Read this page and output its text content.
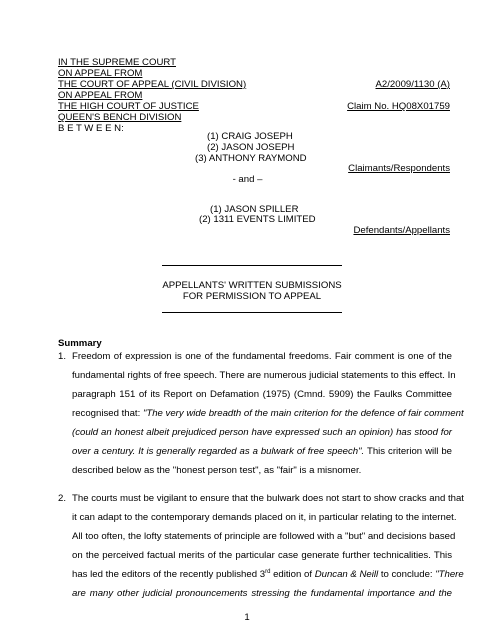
IN THE SUPREME COURT
ON APPEAL FROM
THE COURT OF APPEAL (CIVIL DIVISION)	A2/2009/1130 (A)
ON APPEAL FROM
THE HIGH COURT OF JUSTICE	Claim No. HQ08X01759
QUEEN'S BENCH DIVISION
B E T W E E N:
(1) CRAIG JOSEPH
(2) JASON JOSEPH
(3) ANTHONY RAYMOND
Claimants/Respondents
- and –
(1) JASON SPILLER
(2) 1311 EVENTS LIMITED
Defendants/Appellants
APPELLANTS' WRITTEN SUBMISSIONS
FOR PERMISSION TO APPEAL
Summary
1. Freedom of expression is one of the fundamental freedoms. Fair comment is one of the
fundamental rights of free speech. There are numerous judicial statements to this effect. In
paragraph 151 of its Report on Defamation (1975) (Cmnd. 5909) the Faulks Committee
recognised that: "The very wide breadth of the main criterion for the defence of fair comment
(could an honest albeit prejudiced person have expressed such an opinion) has stood for
over a century. It is generally regarded as a bulwark of free speech". This criterion will be
described below as the "honest person test", as "fair" is a misnomer.
2. The courts must be vigilant to ensure that the bulwark does not start to show cracks and that
it can adapt to the contemporary demands placed on it, in particular relating to the internet.
All too often, the lofty statements of principle are followed with a "but" and decisions based
on the perceived factual merits of the particular case generate further technicalities. This
has led the editors of the recently published 3rd edition of Duncan & Neill to conclude: "There
are many other judicial pronouncements stressing the fundamental importance and the
1
